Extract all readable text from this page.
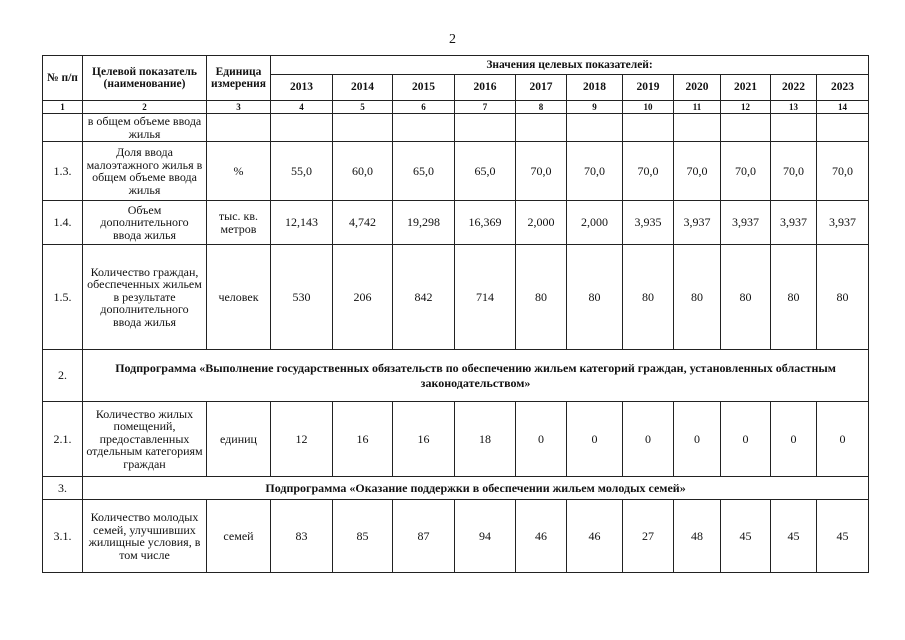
2
№ п/п	Целевой показатель (наименование)	Единица измерения	Значения целевых показателей:										
			2013	2014	2015	2016	2017	2018	2019	2020	2021	2022	2023
1	2	3	4	5	6	7	8	9	10	11	12	13	14
	в общем объеме ввода жилья												
1.3.	Доля ввода малоэтажного жилья в общем объеме ввода жилья	%	55,0	60,0	65,0	65,0	70,0	70,0	70,0	70,0	70,0	70,0	70,0
1.4.	Объем дополнительного ввода жилья	тыс. кв. метров	12,143	4,742	19,298	16,369	2,000	2,000	3,935	3,937	3,937	3,937	3,937
1.5.	Количество граждан, обеспеченных жильем в результате дополнительного ввода жилья	человек	530	206	842	714	80	80	80	80	80	80	80
2.	Подпрограмма «Выполнение государственных обязательств по обеспечению жильем категорий граждан, установленных областным законодательством»												
2.1.	Количество жилых помещений, предоставленных отдельным категориям граждан	единиц	12	16	16	18	0	0	0	0	0	0	0
3.	Подпрограмма «Оказание поддержки в обеспечении жильем молодых семей»												
3.1.	Количество молодых семей, улучшивших жилищные условия, в том числе	семей	83	85	87	94	46	46	27	48	45	45	45
